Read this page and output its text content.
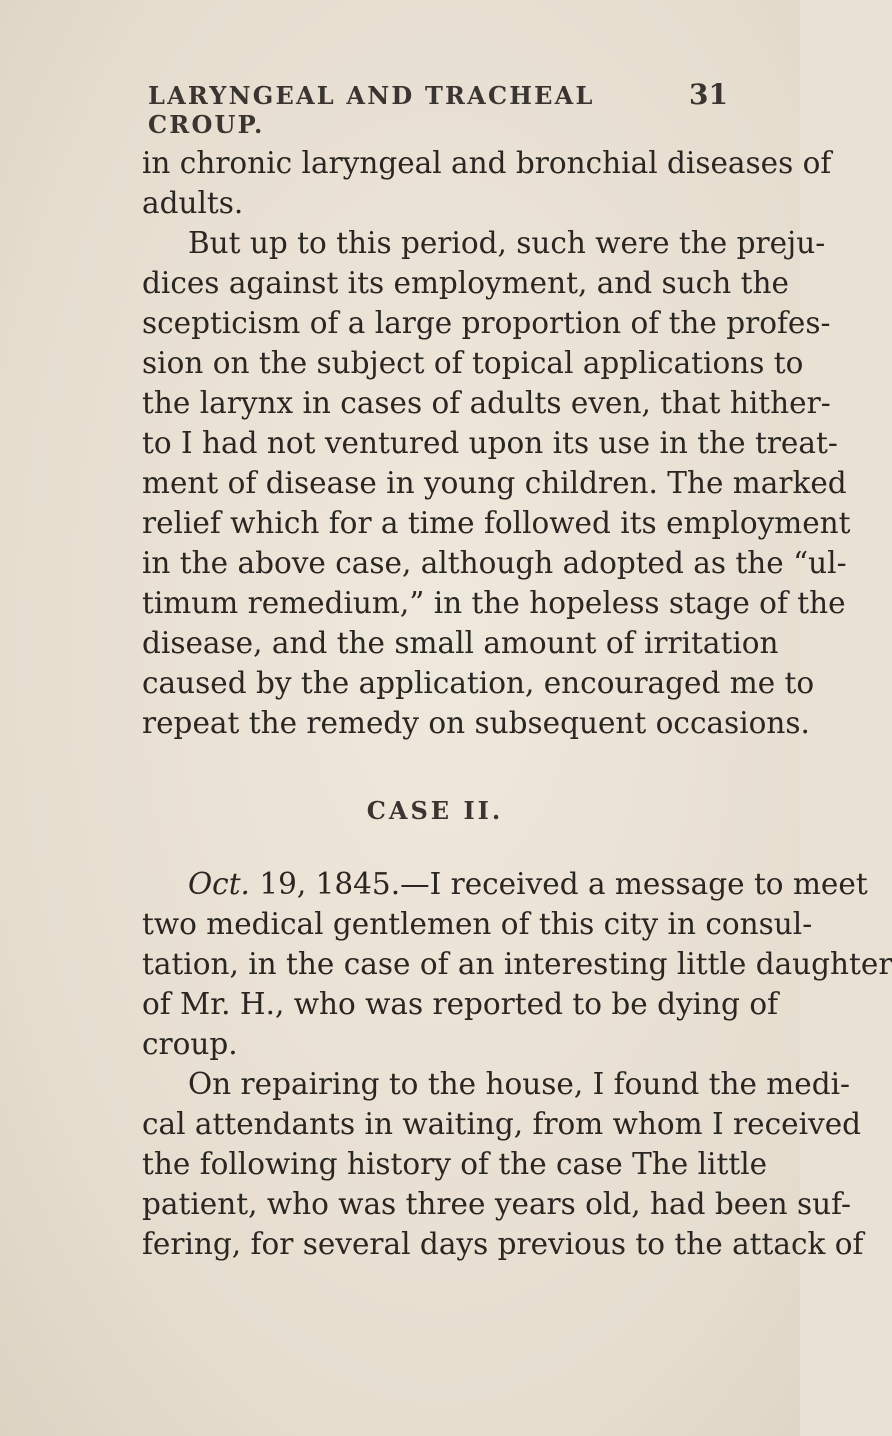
LARYNGEAL AND TRACHEAL CROUP.
31
in chronic laryngeal and bronchial diseases of
adults.
But up to this period, such were the preju-
dices against its employment, and such the
scepticism of a large proportion of the profes-
sion on the subject of topical applications to
the larynx in cases of adults even, that hither-
to I had not ventured upon its use in the treat-
ment of disease in young children. The marked
relief which for a time followed its employment
in the above case, although adopted as the “ul-
timum remedium,” in the hopeless stage of the
disease, and the small amount of irritation
caused by the application, encouraged me to
repeat the remedy on subsequent occasions.
CASE II.
Oct. 19, 1845.—I received a message to meet
two medical gentlemen of this city in consul-
tation, in the case of an interesting little daughter
of Mr. H., who was reported to be dying of
croup.
On repairing to the house, I found the medi-
cal attendants in waiting, from whom I received
the following history of the case The little
patient, who was three years old, had been suf-
fering, for several days previous to the attack of
